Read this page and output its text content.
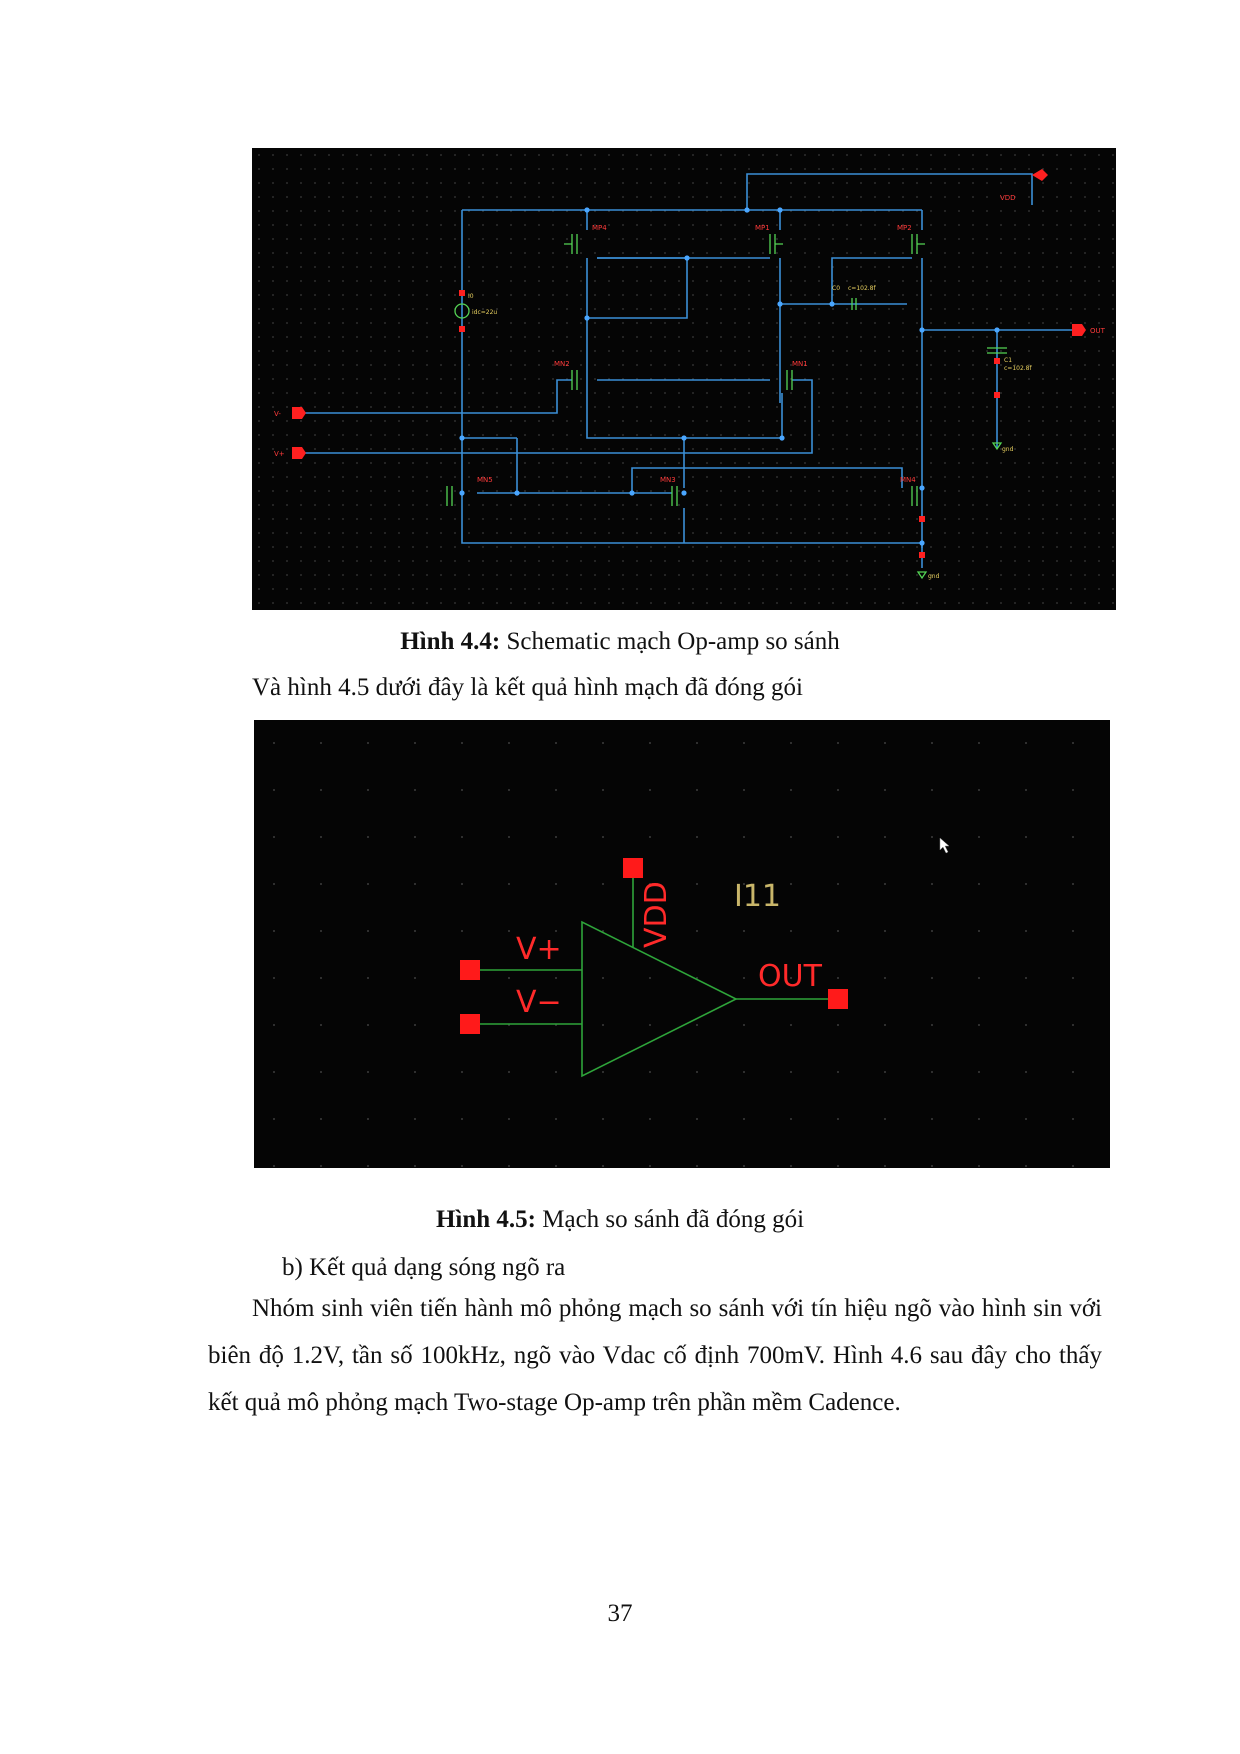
VDD
OUT
V-
V+
gnd
gnd
I0
idc=22u
C1
c=102.8f
C0 c=102.8f
MP4	MP1	MP2
MN2	MN1
MN5	MN3	MN4
Hình 4.4: Schematic mạch Op-amp so sánh
Và hình 4.5 dưới đây là kết quả hình mạch đã đóng gói
V+
V−
VDD
OUT
I11
Hình 4.5: Mạch so sánh đã đóng gói
b) Kết quả dạng sóng ngõ ra
Nhóm sinh viên tiến hành mô phỏng mạch so sánh với tín hiệu ngõ vào hình sin với biên độ 1.2V, tần số 100kHz, ngõ vào Vdac cố định 700mV. Hình 4.6 sau đây cho thấy kết quả mô phỏng mạch Two-stage Op-amp trên phần mềm Cadence.
37
